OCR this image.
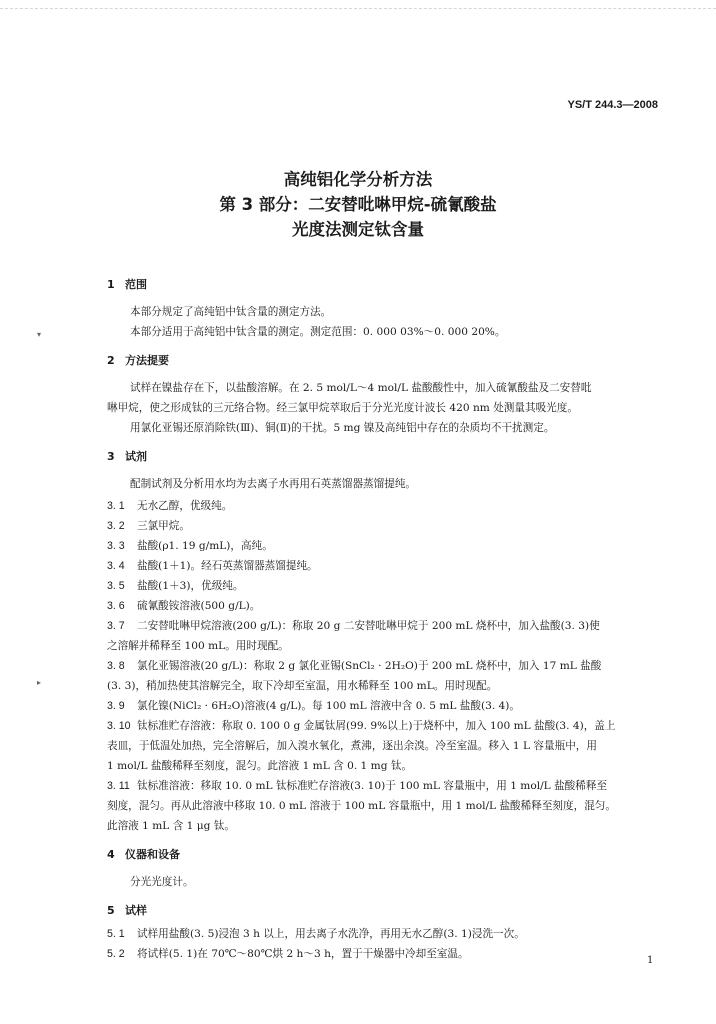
▾
▸
YS/T 244.3—2008
高纯铝化学分析方法
第 3 部分：二安替吡啉甲烷-硫氰酸盐
光度法测定钛含量
1 范围
本部分规定了高纯铝中钛含量的测定方法。
本部分适用于高纯铝中钛含量的测定。测定范围：0. 000 03%～0. 000 20%。
2 方法提要
试样在镍盐存在下，以盐酸溶解。在 2. 5 mol/L～4 mol/L 盐酸酸性中，加入硫氰酸盐及二安替吡
啉甲烷，使之形成钛的三元络合物。经三氯甲烷萃取后于分光光度计波长 420 nm 处测量其吸光度。
用氯化亚锡还原消除铁(Ⅲ)、铜(Ⅱ)的干扰。5 mg 镍及高纯铝中存在的杂质均不干扰测定。
3 试剂
配制试剂及分析用水均为去离子水再用石英蒸馏器蒸馏提纯。
3. 1 无水乙醇，优级纯。
3. 2 三氯甲烷。
3. 3 盐酸(ρ1. 19 g/mL)，高纯。
3. 4 盐酸(1＋1)。经石英蒸馏器蒸馏提纯。
3. 5 盐酸(1＋3)，优级纯。
3. 6 硫氰酸铵溶液(500 g/L)。
3. 7 二安替吡啉甲烷溶液(200 g/L)：称取 20 g 二安替吡啉甲烷于 200 mL 烧杯中，加入盐酸(3. 3)使
之溶解并稀释至 100 mL。用时现配。
3. 8 氯化亚锡溶液(20 g/L)：称取 2 g 氯化亚锡(SnCl₂ · 2H₂O)于 200 mL 烧杯中，加入 17 mL 盐酸
(3. 3)，稍加热使其溶解完全，取下冷却至室温，用水稀释至 100 mL。用时现配。
3. 9 氯化镍(NiCl₂ · 6H₂O)溶液(4 g/L)。每 100 mL 溶液中含 0. 5 mL 盐酸(3. 4)。
3. 10 钛标准贮存溶液：称取 0. 100 0 g 金属钛屑(99. 9%以上)于烧杯中，加入 100 mL 盐酸(3. 4)，盖上
表皿，于低温处加热，完全溶解后，加入溴水氧化，煮沸，逐出余溴。冷至室温。移入 1 L 容量瓶中，用
1 mol/L 盐酸稀释至刻度，混匀。此溶液 1 mL 含 0. 1 mg 钛。
3. 11 钛标准溶液：移取 10. 0 mL 钛标准贮存溶液(3. 10)于 100 mL 容量瓶中，用 1 mol/L 盐酸稀释至
刻度，混匀。再从此溶液中移取 10. 0 mL 溶液于 100 mL 容量瓶中，用 1 mol/L 盐酸稀释至刻度，混匀。
此溶液 1 mL 含 1 μg 钛。
4 仪器和设备
分光光度计。
5 试样
5. 1 试样用盐酸(3. 5)浸泡 3 h 以上，用去离子水洗净，再用无水乙醇(3. 1)浸洗一次。
5. 2 将试样(5. 1)在 70℃～80℃烘 2 h～3 h，置于干燥器中冷却至室温。
1
